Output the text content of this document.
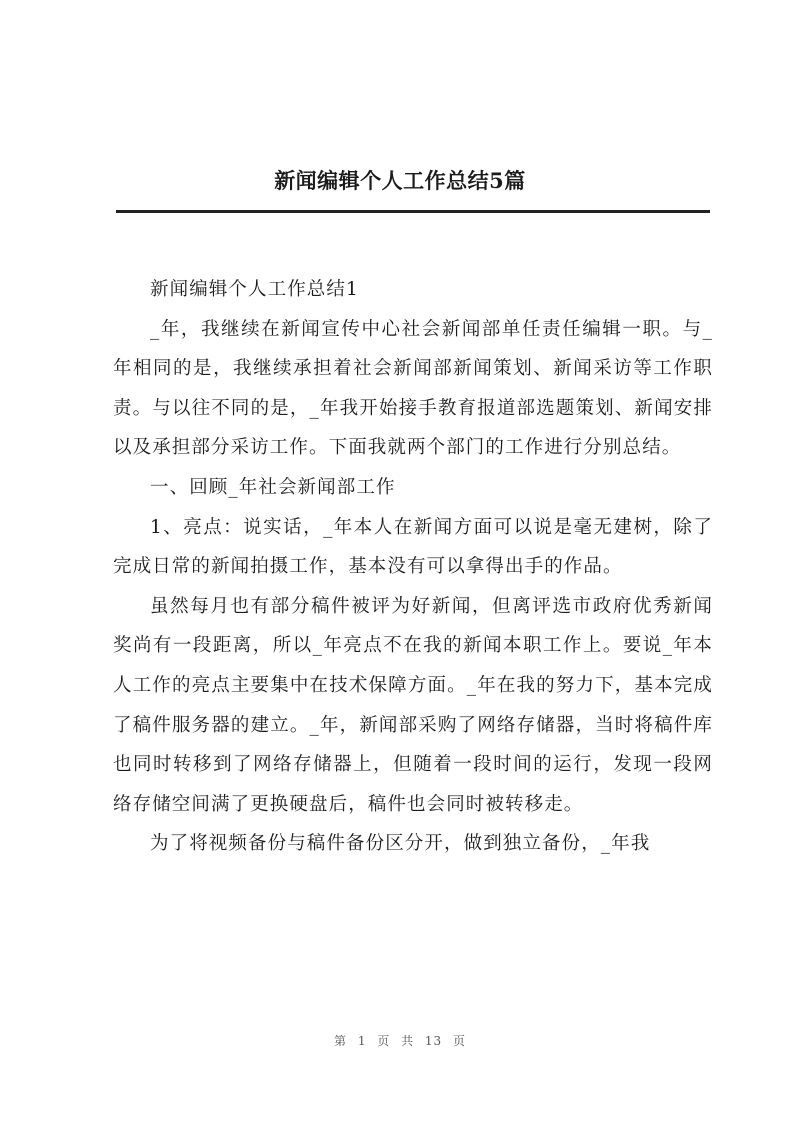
新闻编辑个人工作总结5篇

新闻编辑个人工作总结1

_年，我继续在新闻宣传中心社会新闻部单任责任编辑一职。与_年相同的是，我继续承担着社会新闻部新闻策划、新闻采访等工作职责。与以往不同的是，_年我开始接手教育报道部选题策划、新闻安排以及承担部分采访工作。下面我就两个部门的工作进行分别总结。

一、回顾_年社会新闻部工作

1、亮点：说实话，_年本人在新闻方面可以说是毫无建树，除了完成日常的新闻拍摄工作，基本没有可以拿得出手的作品。

虽然每月也有部分稿件被评为好新闻，但离评选市政府优秀新闻奖尚有一段距离，所以_年亮点不在我的新闻本职工作上。要说_年本人工作的亮点主要集中在技术保障方面。_年在我的努力下，基本完成了稿件服务器的建立。_年，新闻部采购了网络存储器，当时将稿件库也同时转移到了网络存储器上，但随着一段时间的运行，发现一段网络存储空间满了更换硬盘后，稿件也会同时被转移走。

为了将视频备份与稿件备份区分开，做到独立备份，_年我

第 1 页 共 13 页
